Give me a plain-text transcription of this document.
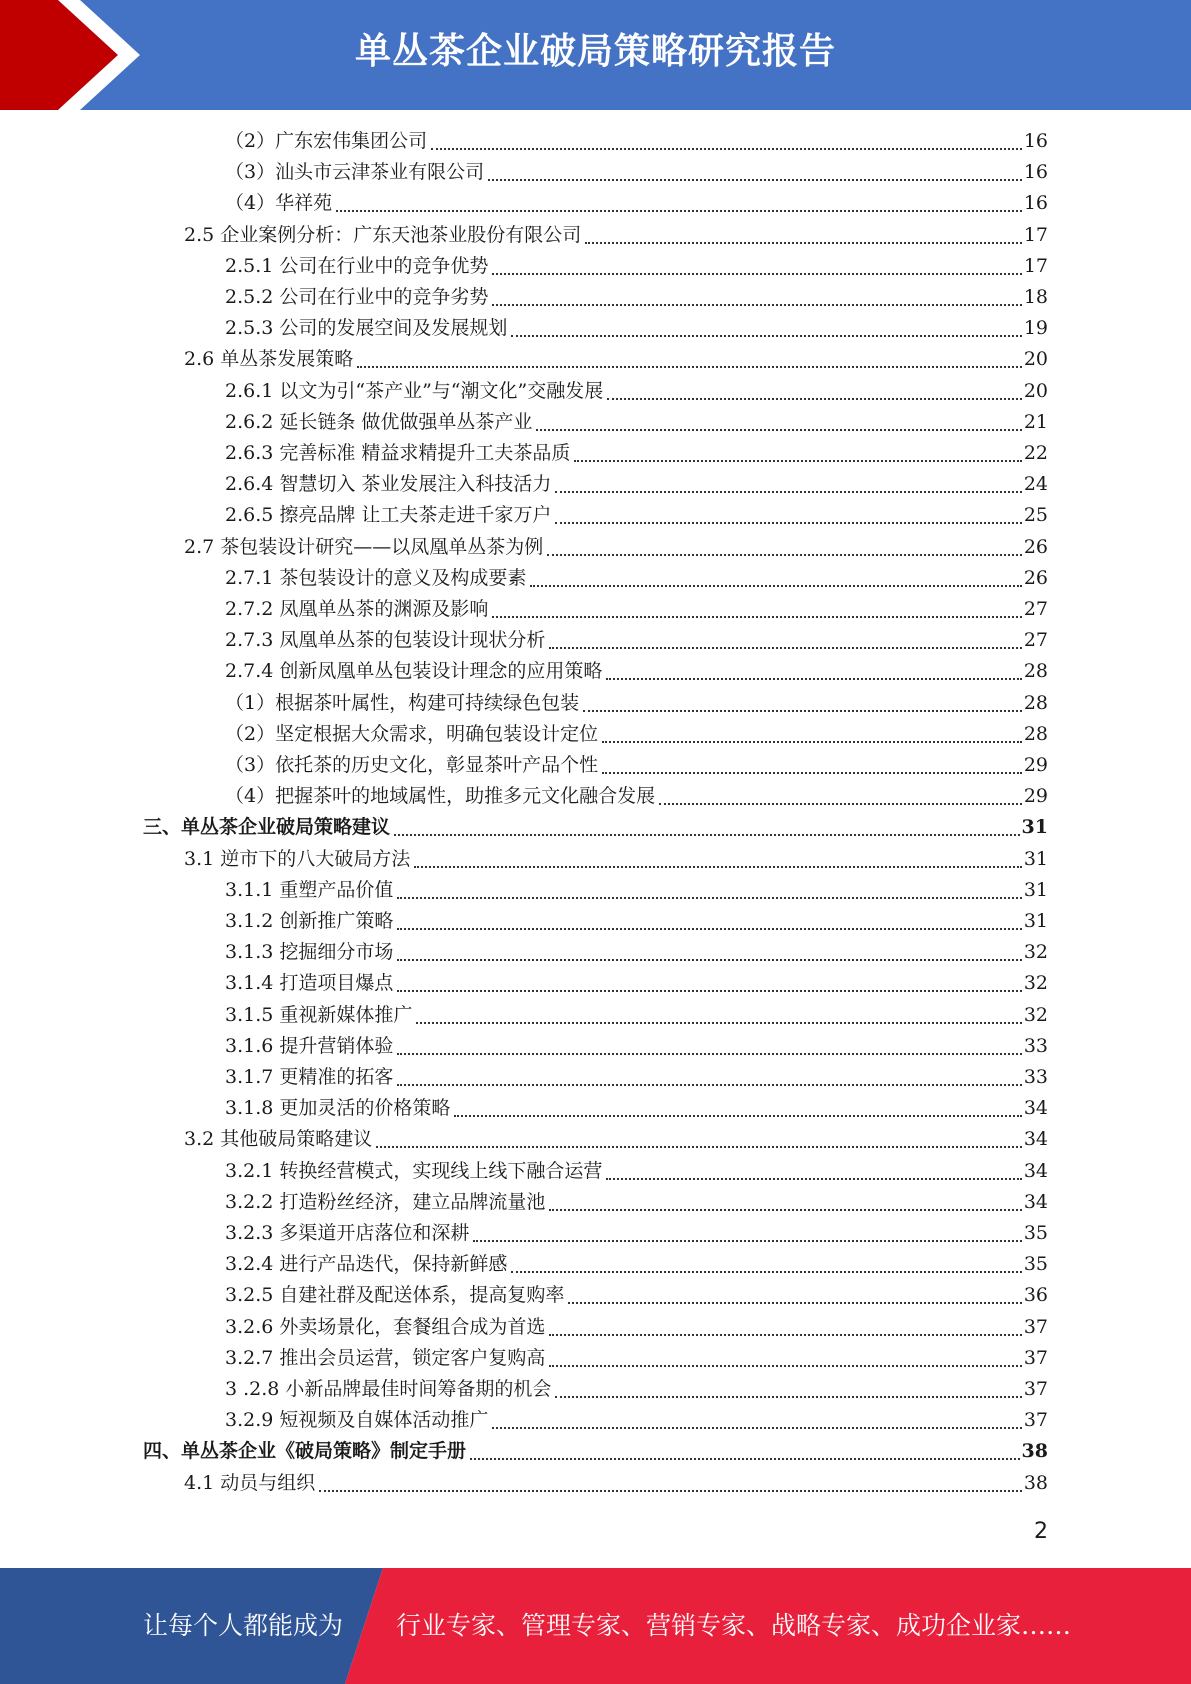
单丛茶企业破局策略研究报告
（2）广东宏伟集团公司	16
（3）汕头市云津茶业有限公司	16
（4）华祥苑	16
2.5 企业案例分析：广东天池茶业股份有限公司	17
2.5.1 公司在行业中的竞争优势	17
2.5.2 公司在行业中的竞争劣势	18
2.5.3 公司的发展空间及发展规划	19
2.6 单丛茶发展策略	20
2.6.1 以文为引“茶产业”与“潮文化”交融发展	20
2.6.2 延长链条 做优做强单丛茶产业	21
2.6.3 完善标准 精益求精提升工夫茶品质	22
2.6.4 智慧切入 茶业发展注入科技活力	24
2.6.5 擦亮品牌 让工夫茶走进千家万户	25
2.7 茶包装设计研究——以凤凰单丛茶为例	26
2.7.1 茶包装设计的意义及构成要素	26
2.7.2 凤凰单丛茶的渊源及影响	27
2.7.3 凤凰单丛茶的包装设计现状分析	27
2.7.4 创新凤凰单丛包装设计理念的应用策略	28
（1）根据茶叶属性，构建可持续绿色包装	28
（2）坚定根据大众需求，明确包装设计定位	28
（3）依托茶的历史文化，彰显茶叶产品个性	29
（4）把握茶叶的地域属性，助推多元文化融合发展	29
三、单丛茶企业破局策略建议	31
3.1 逆市下的八大破局方法	31
3.1.1 重塑产品价值	31
3.1.2 创新推广策略	31
3.1.3 挖掘细分市场	32
3.1.4 打造项目爆点	32
3.1.5 重视新媒体推广	32
3.1.6 提升营销体验	33
3.1.7 更精准的拓客	33
3.1.8 更加灵活的价格策略	34
3.2 其他破局策略建议	34
3.2.1 转换经营模式，实现线上线下融合运营	34
3.2.2 打造粉丝经济，建立品牌流量池	34
3.2.3 多渠道开店落位和深耕	35
3.2.4 进行产品迭代，保持新鲜感	35
3.2.5 自建社群及配送体系，提高复购率	36
3.2.6 外卖场景化，套餐组合成为首选	37
3.2.7 推出会员运营，锁定客户复购高	37
3 .2.8 小新品牌最佳时间筹备期的机会	37
3.2.9 短视频及自媒体活动推广	37
四、单丛茶企业《破局策略》制定手册	38
4.1 动员与组织	38
2
让每个人都能成为 行业专家、管理专家、营销专家、战略专家、成功企业家……
